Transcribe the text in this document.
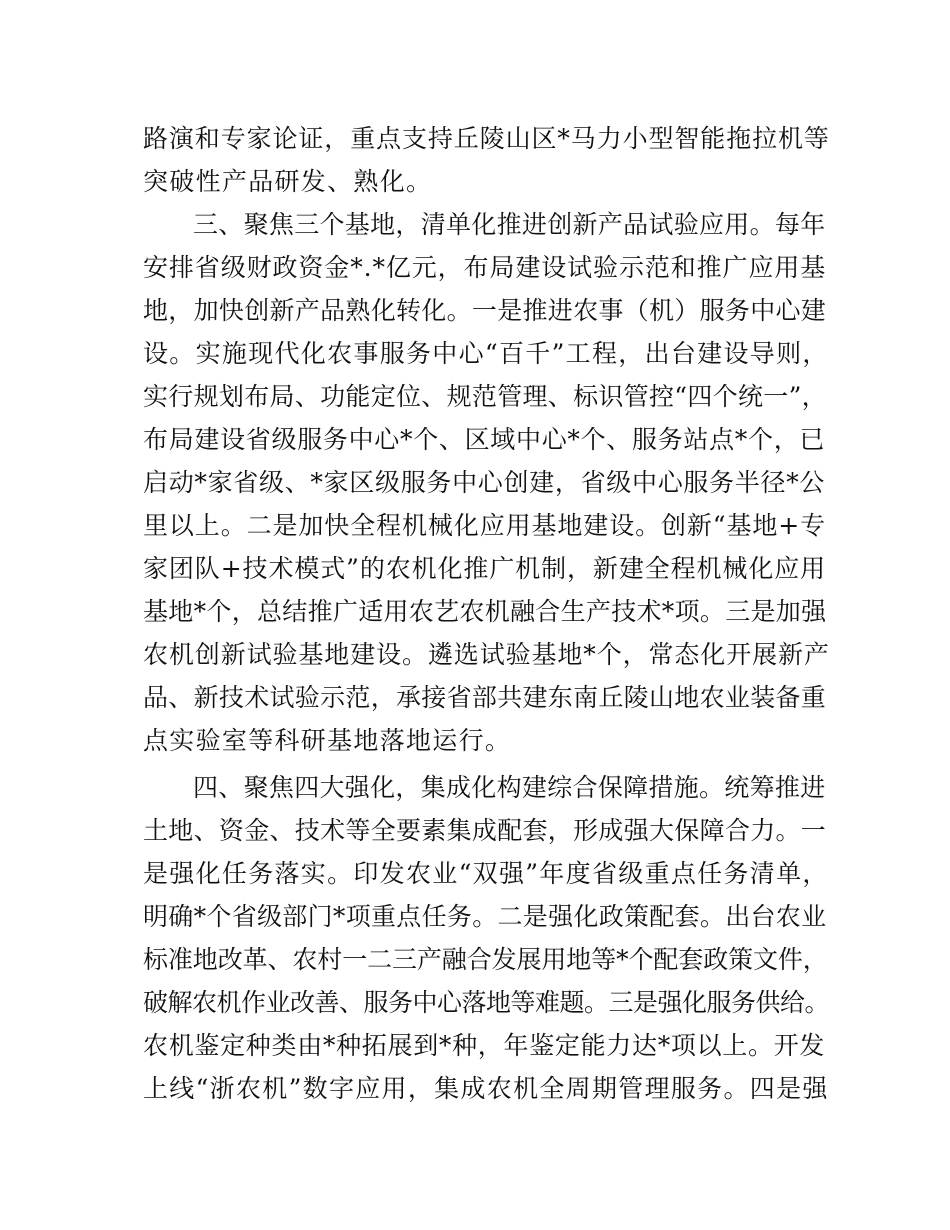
路演和专家论证，重点支持丘陵山区*马力小型智能拖拉机等

突破性产品研发、熟化。

三、聚焦三个基地，清单化推进创新产品试验应用。每年

安排省级财政资金*.*亿元，布局建设试验示范和推广应用基

地，加快创新产品熟化转化。一是推进农事（机）服务中心建

设。实施现代化农事服务中心“百千”工程，出台建设导则，

实行规划布局、功能定位、规范管理、标识管控“四个统一”，

布局建设省级服务中心*个、区域中心*个、服务站点*个，已

启动*家省级、*家区级服务中心创建，省级中心服务半径*公

里以上。二是加快全程机械化应用基地建设。创新“基地+专

家团队+技术模式”的农机化推广机制，新建全程机械化应用

基地*个，总结推广适用农艺农机融合生产技术*项。三是加强

农机创新试验基地建设。遴选试验基地*个，常态化开展新产

品、新技术试验示范，承接省部共建东南丘陵山地农业装备重

点实验室等科研基地落地运行。

四、聚焦四大强化，集成化构建综合保障措施。统筹推进

土地、资金、技术等全要素集成配套，形成强大保障合力。一

是强化任务落实。印发农业“双强”年度省级重点任务清单，

明确*个省级部门*项重点任务。二是强化政策配套。出台农业

标准地改革、农村一二三产融合发展用地等*个配套政策文件，

破解农机作业改善、服务中心落地等难题。三是强化服务供给。

农机鉴定种类由*种拓展到*种，年鉴定能力达*项以上。开发

上线“浙农机”数字应用，集成农机全周期管理服务。四是强
